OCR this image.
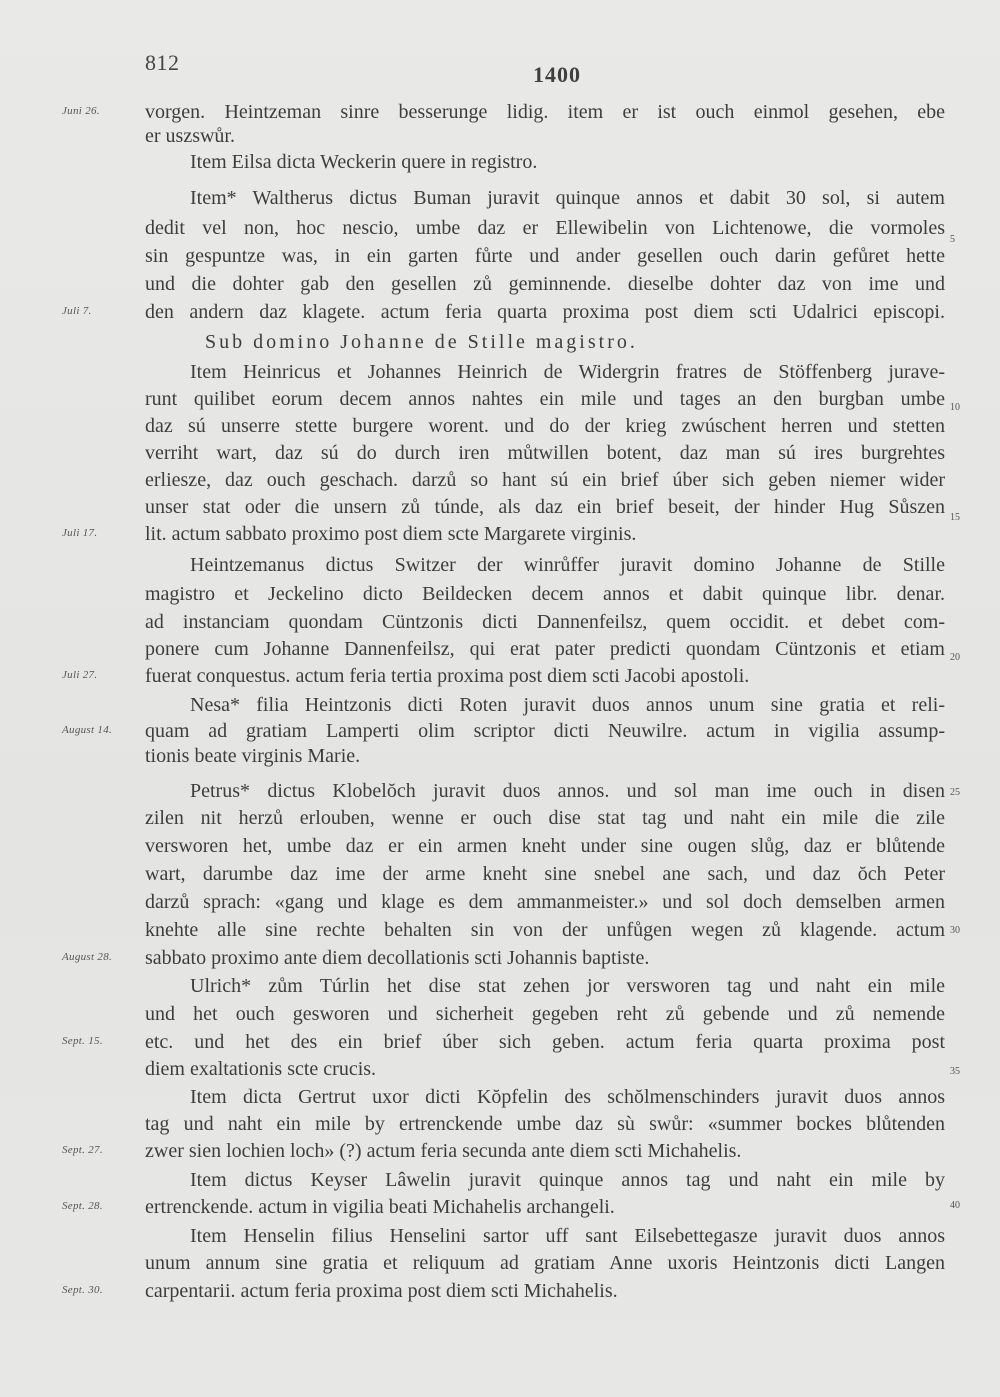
812	1400
vorgen. Heintzeman sinre besserunge lidig. item er ist ouch einmol gesehen, ebe
er uszswůr.
Item Eilsa dicta Weckerin quere in registro.
Item* Waltherus dictus Buman juravit quinque annos et dabit 30 sol, si autem
dedit vel non, hoc nescio, umbe daz er Ellewibelin von Lichtenowe, die vormoles
sin gespuntze was, in ein garten fůrte und ander gesellen ouch darin gefůret hette
und die dohter gab den gesellen zů geminnende. dieselbe dohter daz von ime und
den andern daz klagete. actum feria quarta proxima post diem scti Udalrici episcopi.
Sub domino Johanne de Stille magistro.
Item Heinricus et Johannes Heinrich de Widergrin fratres de Stöffenberg jurave-
runt quilibet eorum decem annos nahtes ein mile und tages an den burgban umbe
daz sú unserre stette burgere worent. und do der krieg zwúschent herren und stetten
verriht wart, daz sú do durch iren můtwillen botent, daz man sú ires burgrehtes
erliesze, daz ouch geschach. darzů so hant sú ein brief úber sich geben niemer wider
unser stat oder die unsern zů túnde, als daz ein brief beseit, der hinder Hug Sůszen
lit. actum sabbato proximo post diem scte Margarete virginis.
Heintzemanus dictus Switzer der winrůffer juravit domino Johanne de Stille
magistro et Jeckelino dicto Beildecken decem annos et dabit quinque libr. denar.
ad instanciam quondam Cüntzonis dicti Dannenfeilsz, quem occidit. et debet com-
ponere cum Johanne Dannenfeilsz, qui erat pater predicti quondam Cüntzonis et etiam
fuerat conquestus. actum feria tertia proxima post diem scti Jacobi apostoli.
Nesa* filia Heintzonis dicti Roten juravit duos annos unum sine gratia et reli-
quam ad gratiam Lamperti olim scriptor dicti Neuwilre. actum in vigilia assump-
tionis beate virginis Marie.
Petrus* dictus Klobelŏch juravit duos annos. und sol man ime ouch in disen
zilen nit herzů erlouben, wenne er ouch dise stat tag und naht ein mile die zile
versworen het, umbe daz er ein armen kneht under sine ougen slůg, daz er blůtende
wart, darumbe daz ime der arme kneht sine snebel ane sach, und daz ŏch Peter
darzů sprach: «gang und klage es dem ammanmeister.» und sol doch demselben armen
knehte alle sine rechte behalten sin von der unfůgen wegen zů klagende. actum
sabbato proximo ante diem decollationis scti Johannis baptiste.
Ulrich* zům Túrlin het dise stat zehen jor versworen tag und naht ein mile
und het ouch gesworen und sicherheit gegeben reht zů gebende und zů nemende
etc. und het des ein brief úber sich geben. actum feria quarta proxima post
diem exaltationis scte crucis.
Item dicta Gertrut uxor dicti Kŏpfelin des schŏlmenschinders juravit duos annos
tag und naht ein mile by ertrenckende umbe daz sù swůr: «summer bockes blůtenden
zwer sien lochien loch» (?) actum feria secunda ante diem scti Michahelis.
Item dictus Keyser Lâwelin juravit quinque annos tag und naht ein mile by
ertrenckende. actum in vigilia beati Michahelis archangeli.
Item Henselin filius Henselini sartor uff sant Eilsebettegasze juravit duos annos
unum annum sine gratia et reliquum ad gratiam Anne uxoris Heintzonis dicti Langen
carpentarii. actum feria proxima post diem scti Michahelis.
Juni 26.
Juli 7.
Juli 17.
Juli 27.
August 14.
August 28.
Sept. 15.
Sept. 27.
Sept. 28.
Sept. 30.
5
10
15
20
25
30
35
40
